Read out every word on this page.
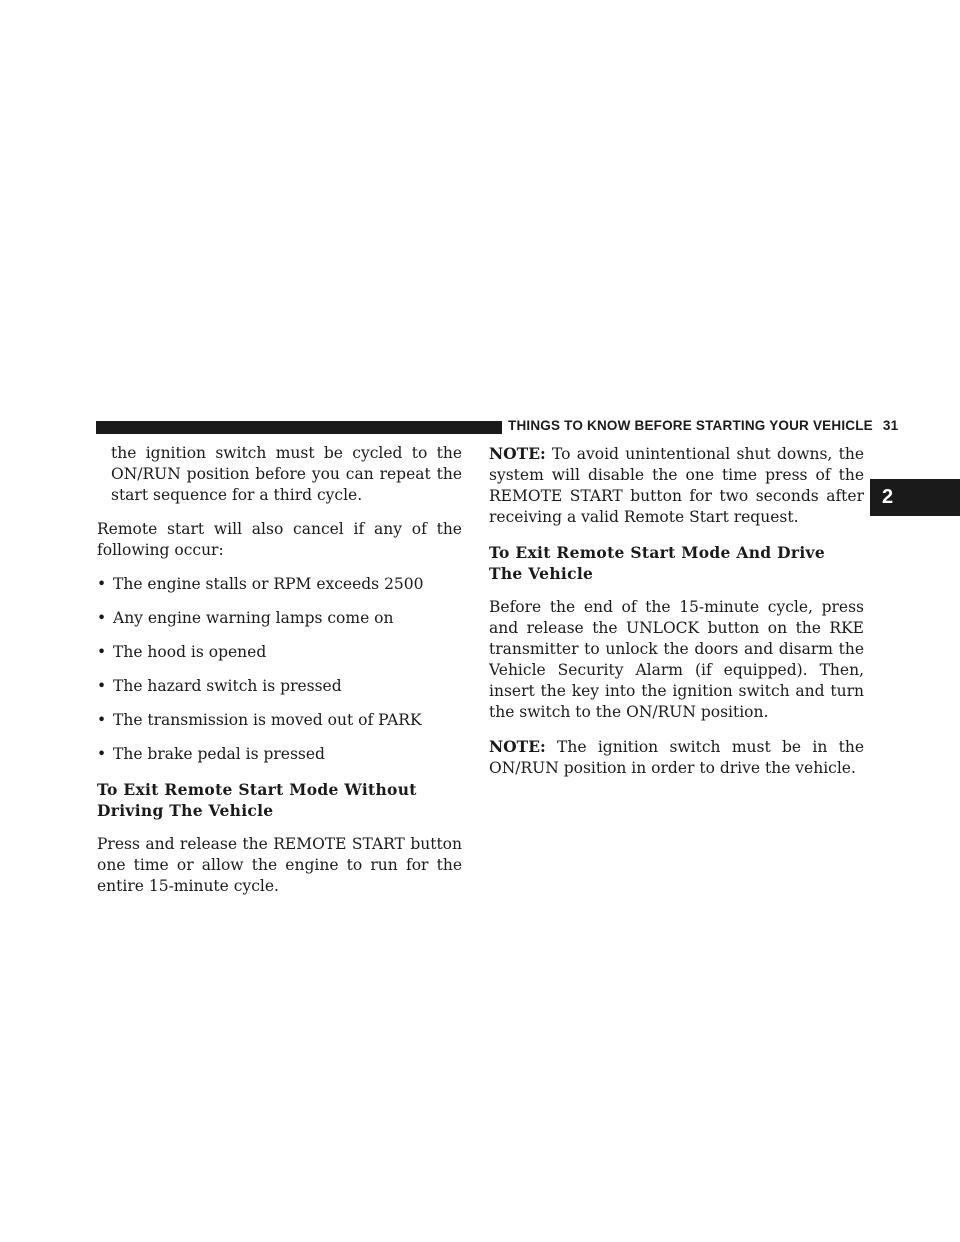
THINGS TO KNOW BEFORE STARTING YOUR VEHICLE 31
2

the ignition switch must be cycled to the ON/RUN position before you can repeat the start sequence for a third cycle.

Remote start will also cancel if any of the following occur:

• The engine stalls or RPM exceeds 2500
• Any engine warning lamps come on
• The hood is opened
• The hazard switch is pressed
• The transmission is moved out of PARK
• The brake pedal is pressed
To Exit Remote Start Mode Without Driving The Vehicle

Press and release the REMOTE START button one time or allow the engine to run for the entire 15-minute cycle.

NOTE: To avoid unintentional shut downs, the system will disable the one time press of the REMOTE START button for two seconds after receiving a valid Remote Start request.

To Exit Remote Start Mode And Drive The Vehicle

Before the end of the 15-minute cycle, press and release the UNLOCK button on the RKE transmitter to unlock the doors and disarm the Vehicle Security Alarm (if equipped). Then, insert the key into the ignition switch and turn the switch to the ON/RUN position.

NOTE: The ignition switch must be in the ON/RUN position in order to drive the vehicle.
